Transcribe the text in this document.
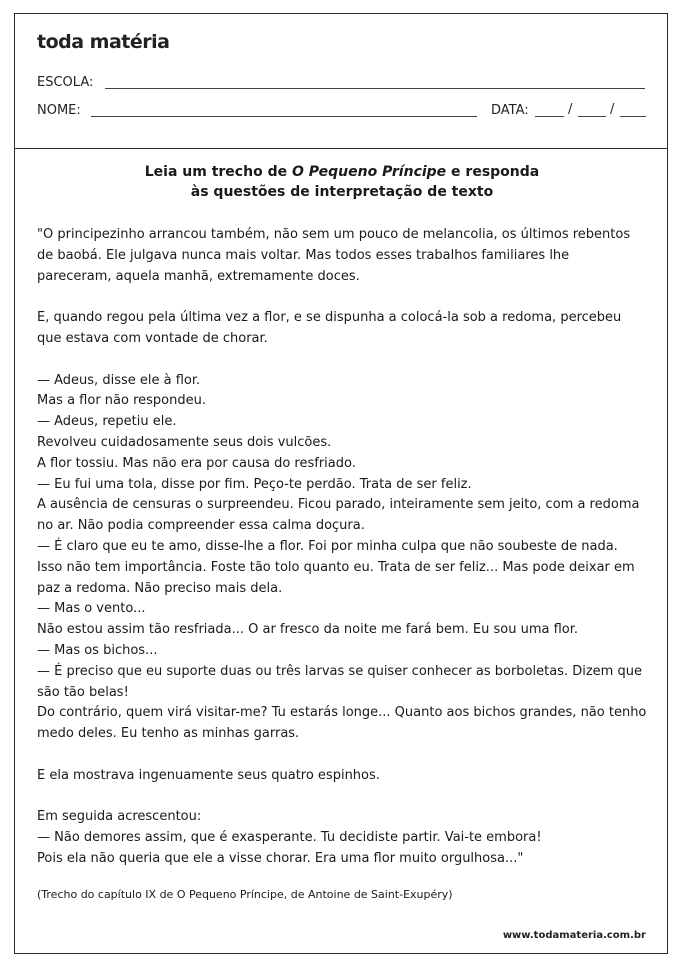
toda matéria
ESCOLA:
NOME:	DATA:	/	/

Leia um trecho de O Pequeno Príncipe e responda
às questões de interpretação de texto

"O principezinho arrancou também, não sem um pouco de melancolia, os últimos rebentos de baobá. Ele julgava nunca mais voltar. Mas todos esses trabalhos familiares lhe pareceram, aquela manhã, extremamente doces.

E, quando regou pela última vez a flor, e se dispunha a colocá-la sob a redoma, percebeu que estava com vontade de chorar.

— Adeus, disse ele à flor.

Mas a flor não respondeu.

— Adeus, repetiu ele.

Revolveu cuidadosamente seus dois vulcões.

A flor tossiu. Mas não era por causa do resfriado.

— Eu fui uma tola, disse por fim. Peço-te perdão. Trata de ser feliz.

A ausência de censuras o surpreendeu. Ficou parado, inteiramente sem jeito, com a redoma no ar. Não podia compreender essa calma doçura.

— É claro que eu te amo, disse-lhe a flor. Foi por minha culpa que não soubeste de nada. Isso não tem importância. Foste tão tolo quanto eu. Trata de ser feliz... Mas pode deixar em paz a redoma. Não preciso mais dela.

— Mas o vento...

Não estou assim tão resfriada... O ar fresco da noite me fará bem. Eu sou uma flor.

— Mas os bichos...

— É preciso que eu suporte duas ou três larvas se quiser conhecer as borboletas. Dizem que são tão belas!

Do contrário, quem virá visitar-me? Tu estarás longe... Quanto aos bichos grandes, não tenho medo deles. Eu tenho as minhas garras.

E ela mostrava ingenuamente seus quatro espinhos.

Em seguida acrescentou:

— Não demores assim, que é exasperante. Tu decidiste partir. Vai-te embora!

Pois ela não queria que ele a visse chorar. Era uma flor muito orgulhosa..."

(Trecho do capítulo IX de O Pequeno Príncipe, de Antoine de Saint-Exupéry)

www.todamateria.com.br
